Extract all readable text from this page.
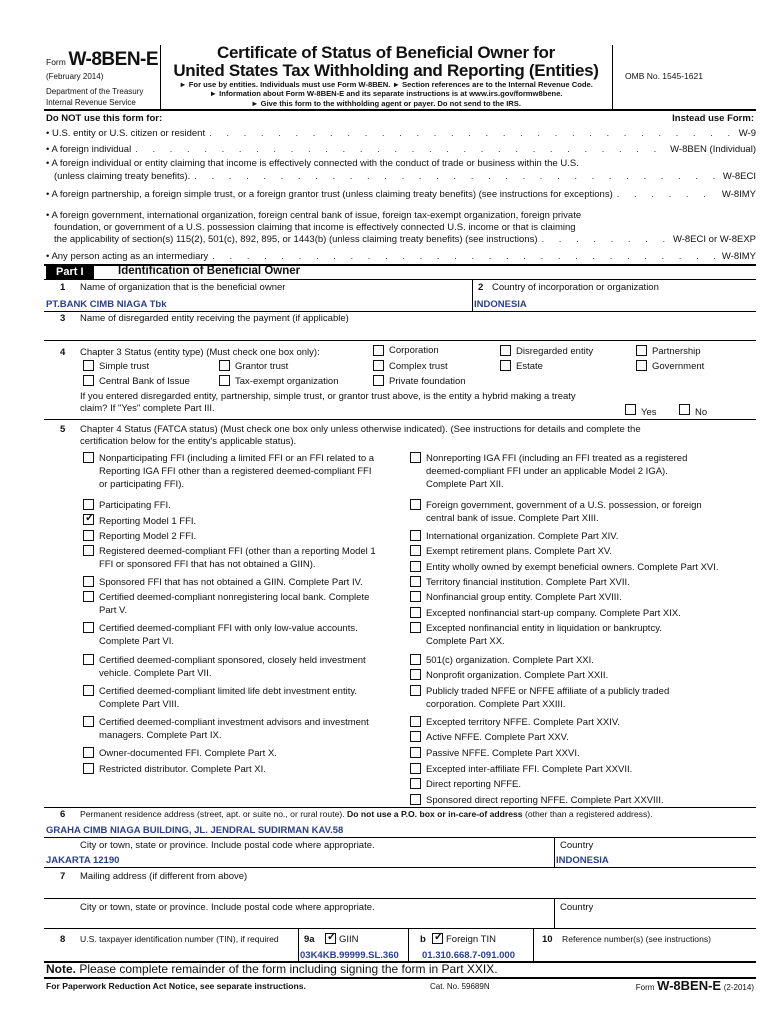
Form W-8BEN-E
(February 2014)
Department of the Treasury
Internal Revenue Service
Certificate of Status of Beneficial Owner for
United States Tax Withholding and Reporting (Entities)
► For use by entities. Individuals must use Form W-8BEN. ► Section references are to the Internal Revenue Code.
► Information about Form W-8BEN-E and its separate instructions is at www.irs.gov/formw8bene.
► Give this form to the withholding agent or payer. Do not send to the IRS.
OMB No. 1545-1621
Do NOT use this form for:	Instead use Form:
• U.S. entity or U.S. citizen or resident . . .	W-9
• A foreign individual . . .	W-8BEN (Individual)
• A foreign individual or entity claiming that income is effectively connected with the conduct of trade or business within the U.S.
(unless claiming treaty benefits). . . .	W-8ECI
• A foreign partnership, a foreign simple trust, or a foreign grantor trust (unless claiming treaty benefits) (see instructions for exceptions) . . .	W-8IMY
• A foreign government, international organization, foreign central bank of issue, foreign tax-exempt organization, foreign private
foundation, or government of a U.S. possession claiming that income is effectively connected U.S. income or that is claiming
the applicability of section(s) 115(2), 501(c), 892, 895, or 1443(b) (unless claiming treaty benefits) (see instructions) . . .	W-8ECI or W-8EXP
• Any person acting as an intermediary . . .	W-8IMY
Part I	Identification of Beneficial Owner
1 Name of organization that is the beneficial owner	2 Country of incorporation or organization
PT.BANK CIMB NIAGA Tbk	INDONESIA
3 Name of disregarded entity receiving the payment (if applicable)
4 Chapter 3 Status (entity type) (Must check one box only):	Corporation	Disregarded entity	Partnership
Simple trust	Grantor trust	Complex trust	Estate	Government
Central Bank of Issue	Tax-exempt organization	Private foundation
If you entered disregarded entity, partnership, simple trust, or grantor trust above, is the entity a hybrid making a treaty
claim? If "Yes" complete Part III.	Yes	No
5 Chapter 4 Status (FATCA status) (Must check one box only unless otherwise indicated). (See instructions for details and complete the
certification below for the entity's applicable status).
Nonparticipating FFI (including a limited FFI or an FFI related to a
Reporting IGA FFI other than a registered deemed-compliant FFI
or participating FFI).
Participating FFI.
✓
Reporting Model 1 FFI.
Reporting Model 2 FFI.
Registered deemed-compliant FFI (other than a reporting Model 1
FFI or sponsored FFI that has not obtained a GIIN).
Sponsored FFI that has not obtained a GIIN. Complete Part IV.
Certified deemed-compliant nonregistering local bank. Complete
Part V.
Certified deemed-compliant FFI with only low-value accounts.
Complete Part VI.
Certified deemed-compliant sponsored, closely held investment
vehicle. Complete Part VII.
Certified deemed-compliant limited life debt investment entity.
Complete Part VIII.
Certified deemed-compliant investment advisors and investment
managers. Complete Part IX.
Owner-documented FFI. Complete Part X.
Restricted distributor. Complete Part XI.
Nonreporting IGA FFI (including an FFI treated as a registered
deemed-compliant FFI under an applicable Model 2 IGA).
Complete Part XII.
Foreign government, government of a U.S. possession, or foreign
central bank of issue. Complete Part XIII.
International organization. Complete Part XIV.
Exempt retirement plans. Complete Part XV.
Entity wholly owned by exempt beneficial owners. Complete Part XVI.
Territory financial institution. Complete Part XVII.
Nonfinancial group entity. Complete Part XVIII.
Excepted nonfinancial start-up company. Complete Part XIX.
Excepted nonfinancial entity in liquidation or bankruptcy.
Complete Part XX.
501(c) organization. Complete Part XXI.
Nonprofit organization. Complete Part XXII.
Publicly traded NFFE or NFFE affiliate of a publicly traded
corporation. Complete Part XXIII.
Excepted territory NFFE. Complete Part XXIV.
Active NFFE. Complete Part XXV.
Passive NFFE. Complete Part XXVI.
Excepted inter-affiliate FFI. Complete Part XXVII.
Direct reporting NFFE.
Sponsored direct reporting NFFE. Complete Part XXVIII.
6 Permanent residence address (street, apt. or suite no., or rural route). Do not use a P.O. box or in-care-of address (other than a registered address).
GRAHA CIMB NIAGA BUILDING, JL. JENDRAL SUDIRMAN KAV.58
City or town, state or province. Include postal code where appropriate.	Country
JAKARTA 12190	INDONESIA
7 Mailing address (if different from above)
City or town, state or province. Include postal code where appropriate.	Country
8 U.S. taxpayer identification number (TIN), if required	9a ✓	GIIN
03K4KB.99999.SL.360
b ✓ Foreign TIN
01.310.668.7-091.000
10 Reference number(s) (see instructions)
Note. Please complete remainder of the form including signing the form in Part XXIX.
For Paperwork Reduction Act Notice, see separate instructions.	Cat. No. 59689N	Form W-8BEN-E (2-2014)
